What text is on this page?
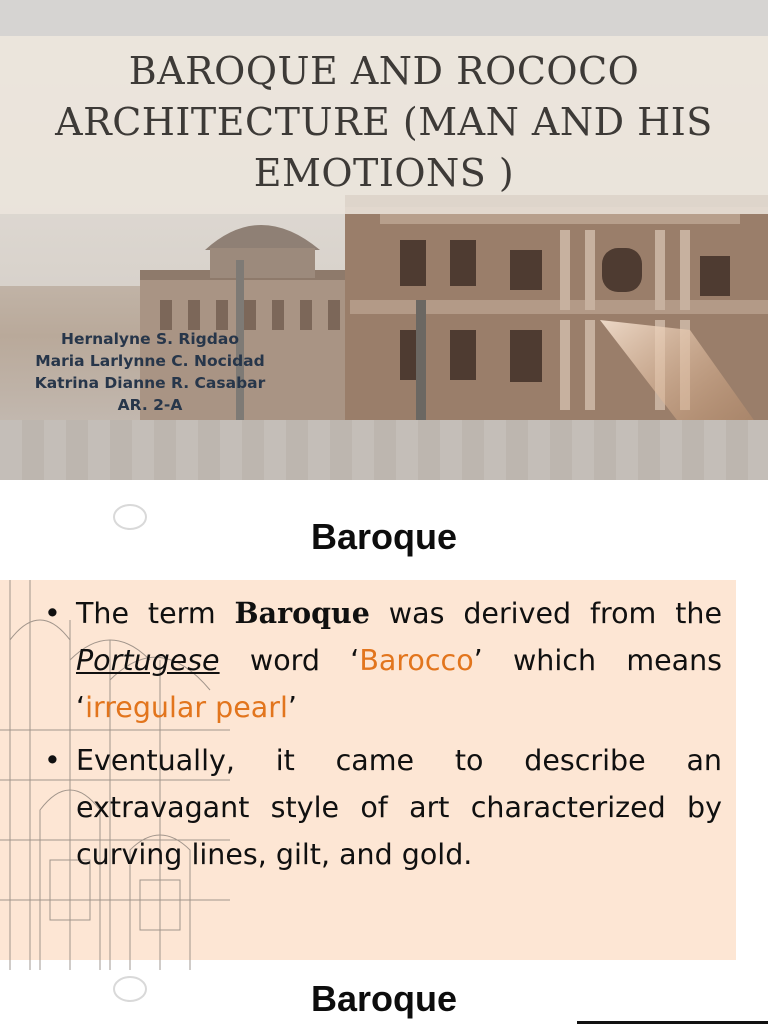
BAROQUE AND ROCOCO ARCHITECTURE (MAN AND HIS EMOTIONS )
Hernalyne S. Rigdao
Maria Larlynne C. Nocidad
Katrina Dianne R. Casabar
AR. 2-A
Baroque
• The term Baroque was derived from the Portugese word ‘Barocco’ which means ‘irregular pearl’
• Eventually, it came to describe an extravagant style of art characterized by curving lines, gilt, and gold.
Baroque
